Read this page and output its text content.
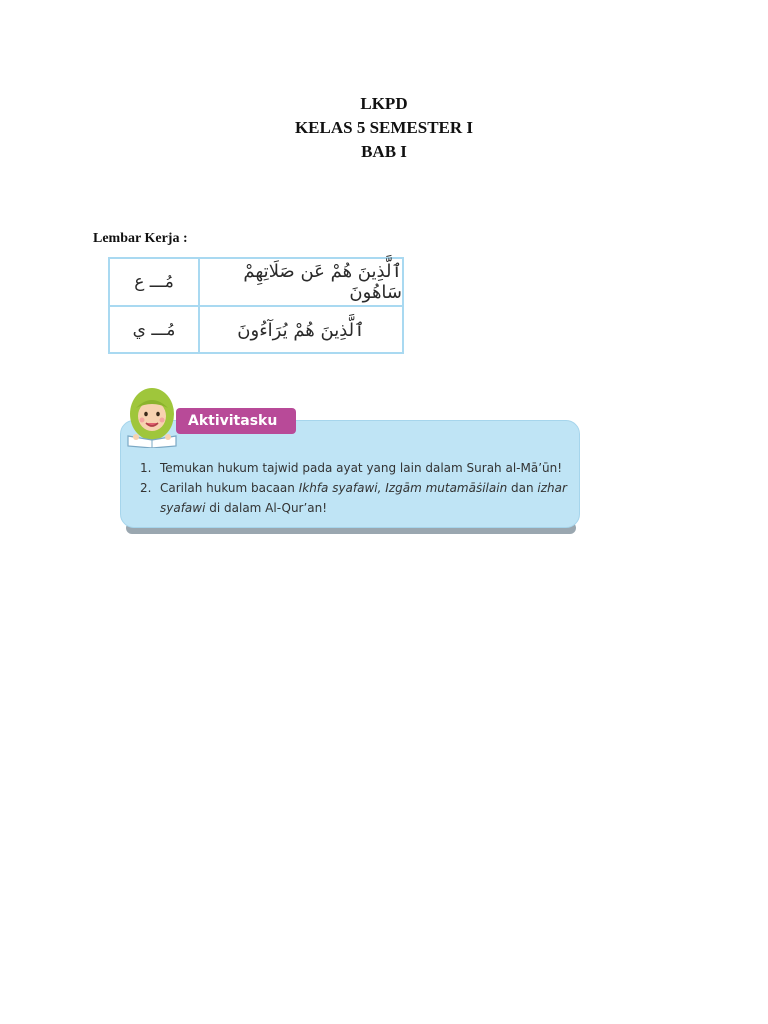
LKPD
KELAS 5 SEMESTER I
BAB I
Lembar Kerja :
مُـــ ع	ٱلَّذِينَ هُمْ عَن صَلَاتِهِمْ سَاهُونَ
مُـــ ي	ٱلَّذِينَ هُمْ يُرَآءُونَ
Aktivitasku
1. Temukan hukum tajwid pada ayat yang lain dalam Surah al-Mā’ūn!
2. Carilah hukum bacaan Ikhfa syafawi, Izgām mutamāṡilain dan izhar syafawi di dalam Al-Qur’an!
